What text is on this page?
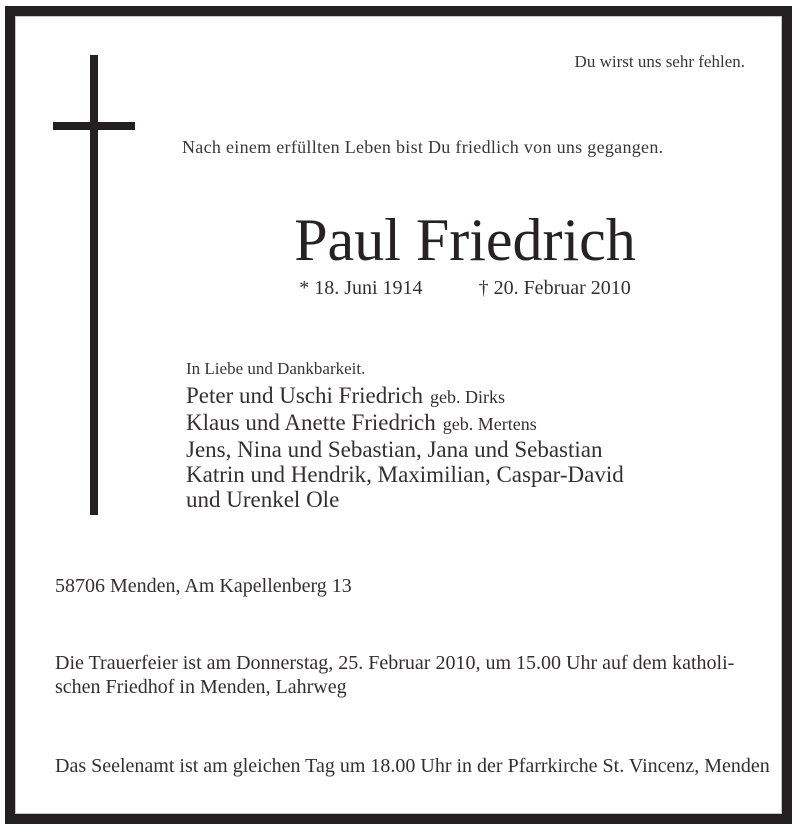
Du wirst uns sehr fehlen.
Nach einem erfüllten Leben bist Du friedlich von uns gegangen.
Paul Friedrich
* 18. Juni 1914	† 20. Februar 2010
In Liebe und Dankbarkeit.
Peter und Uschi Friedrich geb. Dirks
Klaus und Anette Friedrich geb. Mertens
Jens, Nina und Sebastian, Jana und Sebastian
Katrin und Hendrik, Maximilian, Caspar-David
und Urenkel Ole
58706 Menden, Am Kapellenberg 13
Die Trauerfeier ist am Donnerstag, 25. Februar 2010, um 15.00 Uhr auf dem katholi-
schen Friedhof in Menden, Lahrweg
Das Seelenamt ist am gleichen Tag um 18.00 Uhr in der Pfarrkirche St. Vincenz, Menden
